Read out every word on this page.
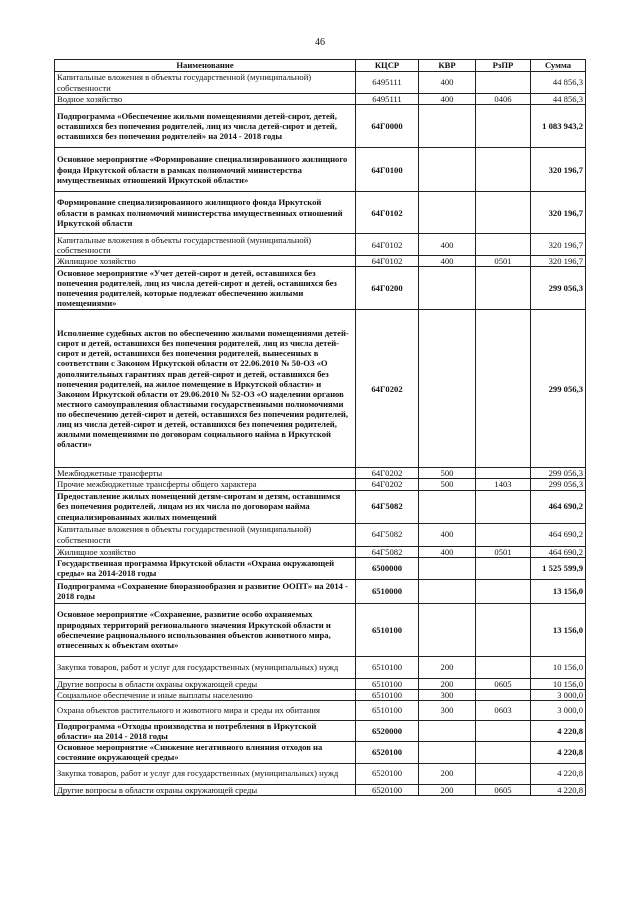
46
Наименование	КЦСР	КВР	РзПР	Сумма
Капитальные вложения в объекты государственной (муниципальной) собственности	6495111	400		44 856,3
Водное хозяйство	6495111	400	0406	44 856,3
Подпрограмма «Обеспечение жильми помещениями детей-сирот, детей, оставшихся без попечения родителей, лиц из числа детей-сирот и детей, оставшихся без попечения родителей» на 2014 - 2018 годы	64Г0000			1 083 943,2
Основное мероприятие «Формирование специализированного жилищного фонда Иркутской области в рамках полномочий министерства имущественных отношений Иркутской области»	64Г0100			320 196,7
Формирование специализированного жилищного фонда Иркутской области в рамках полномочий министерства имущественных отношений Иркутской области	64Г0102			320 196,7
Капитальные вложения в объекты государственной (муниципальной) собственности	64Г0102	400		320 196,7
Жилищное хозяйство	64Г0102	400	0501	320 196,7
Основное мероприятие «Учет детей-сирот и детей, оставшихся без попечения родителей, лиц из числа детей-сирот и детей, оставшихся без попечения родителей, которые подлежат обеспечению жилыми помещениями»	64Г0200			299 056,3
Исполнение судебных актов по обеспечению жилыми помещениями детей-сирот и детей, оставшихся без попечения родителей, лиц из числа детей-сирот и детей, оставшихся без попечения родителей, вынесенных в соответствии с Законом Иркутской области от 22.06.2010 № 50-ОЗ «О дополнительных гарантиях прав детей-сирот и детей, оставшихся без попечения родителей, на жилое помещение в Иркутской области» и Законом Иркутской области от 29.06.2010 № 52-ОЗ «О наделении органов местного самоуправления областными государственными полномочиями по обеспечению детей-сирот и детей, оставшихся без попечения родителей, лиц из числа детей-сирот и детей, оставшихся без попечения родителей, жилыми помещениями по договорам социального найма в Иркутской области»	64Г0202			299 056,3
Межбюджетные трансферты	64Г0202	500		299 056,3
Прочие межбюджетные трансферты общего характера	64Г0202	500	1403	299 056,3
Предоставление жилых помещений детям-сиротам и детям, оставшимся без попечения родителей, лицам из их числа по договорам найма специализированных жилых помещений	64Г5082			464 690,2
Капитальные вложения в объекты государственной (муниципальной) собственности	64Г5082	400		464 690,2
Жилищное хозяйство	64Г5082	400	0501	464 690,2
Государственная программа Иркутской области «Охрана окружающей среды» на 2014-2018 годы	6500000			1 525 599,9
Подпрограмма «Сохранение биоразнообразия и развитие ООПТ» на 2014 - 2018 годы	6510000			13 156,0
Основное мероприятие «Сохранение, развитие особо охраняемых природных территорий регионального значения Иркутской области и обеспечение рационального использования объектов животного мира, отнесенных к объектам охоты»	6510100			13 156,0
Закупка товаров, работ и услуг для государственных (муниципальных) нужд	6510100	200		10 156,0
Другие вопросы в области охраны окружающей среды	6510100	200	0605	10 156,0
Социальное обеспечение и иные выплаты населению	6510100	300		3 000,0
Охрана объектов растительного и животного мира и среды их обитания	6510100	300	0603	3 000,0
Подпрограмма «Отходы производства и потребления в Иркутской области» на 2014 - 2018 годы	6520000			4 220,8
Основное мероприятие «Снижение негативного влияния отходов на состояние окружающей среды»	6520100			4 220,8
Закупка товаров, работ и услуг для государственных (муниципальных) нужд	6520100	200		4 220,8
Другие вопросы в области охраны окружающей среды	6520100	200	0605	4 220,8
